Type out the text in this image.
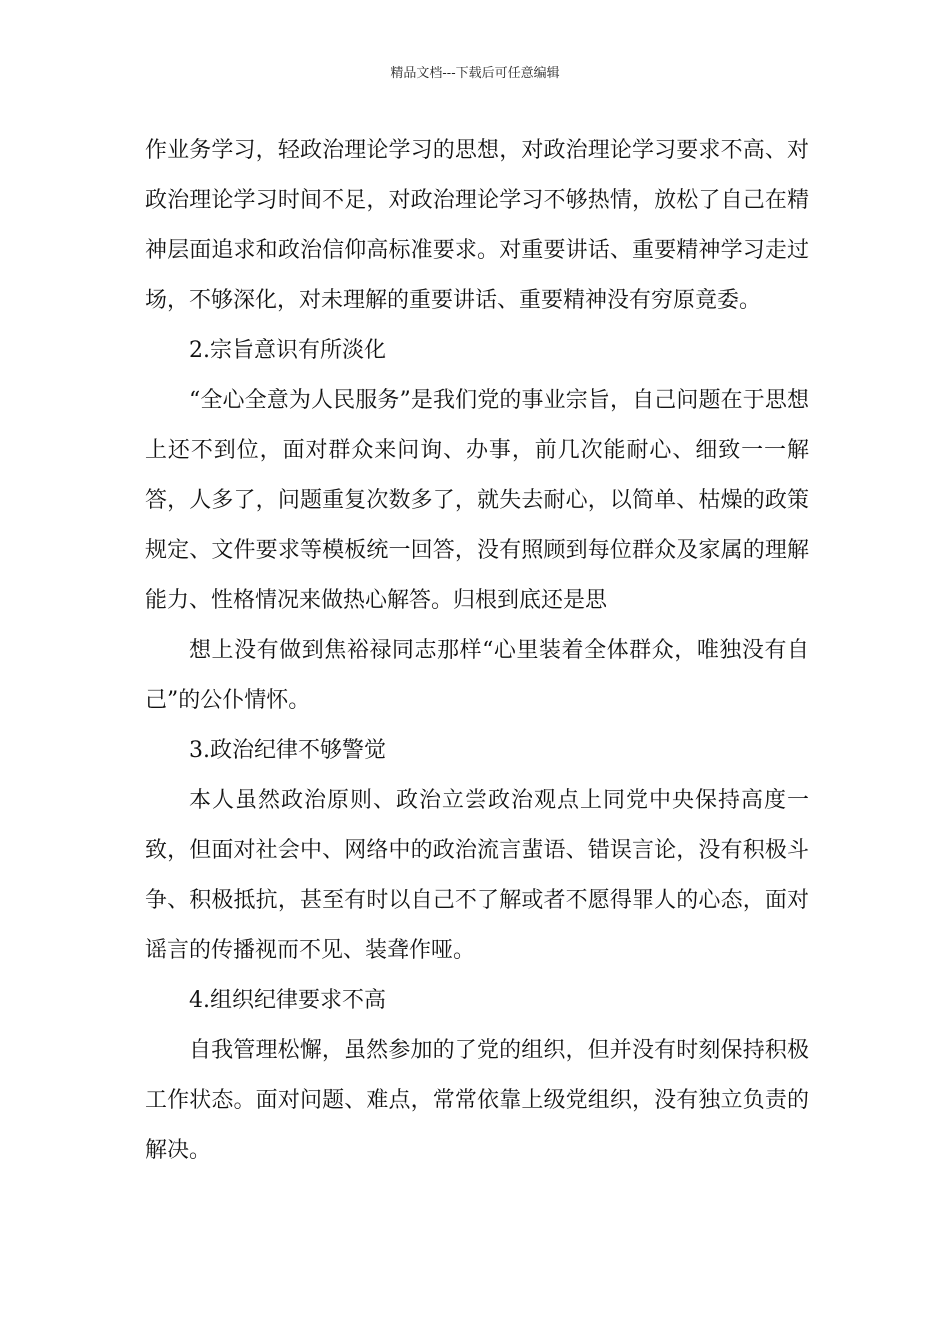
精品文档---下载后可任意编辑

作业务学习，轻政治理论学习的思想，对政治理论学习要求不高、对政治理论学习时间不足，对政治理论学习不够热情，放松了自己在精神层面追求和政治信仰高标准要求。对重要讲话、重要精神学习走过场，不够深化，对未理解的重要讲话、重要精神没有穷原竟委。

2.宗旨意识有所淡化

“全心全意为人民服务”是我们党的事业宗旨，自己问题在于思想上还不到位，面对群众来问询、办事，前几次能耐心、细致一一解答，人多了，问题重复次数多了，就失去耐心，以简单、枯燥的政策规定、文件要求等模板统一回答，没有照顾到每位群众及家属的理解能力、性格情况来做热心解答。归根到底还是思

想上没有做到焦裕禄同志那样“心里装着全体群众，唯独没有自己”的公仆情怀。

3.政治纪律不够警觉

本人虽然政治原则、政治立尝政治观点上同党中央保持高度一致，但面对社会中、网络中的政治流言蜚语、错误言论，没有积极斗争、积极抵抗，甚至有时以自己不了解或者不愿得罪人的心态，面对谣言的传播视而不见、装聋作哑。

4.组织纪律要求不高

自我管理松懈，虽然参加的了党的组织，但并没有时刻保持积极工作状态。面对问题、难点，常常依靠上级党组织，没有独立负责的解决。
